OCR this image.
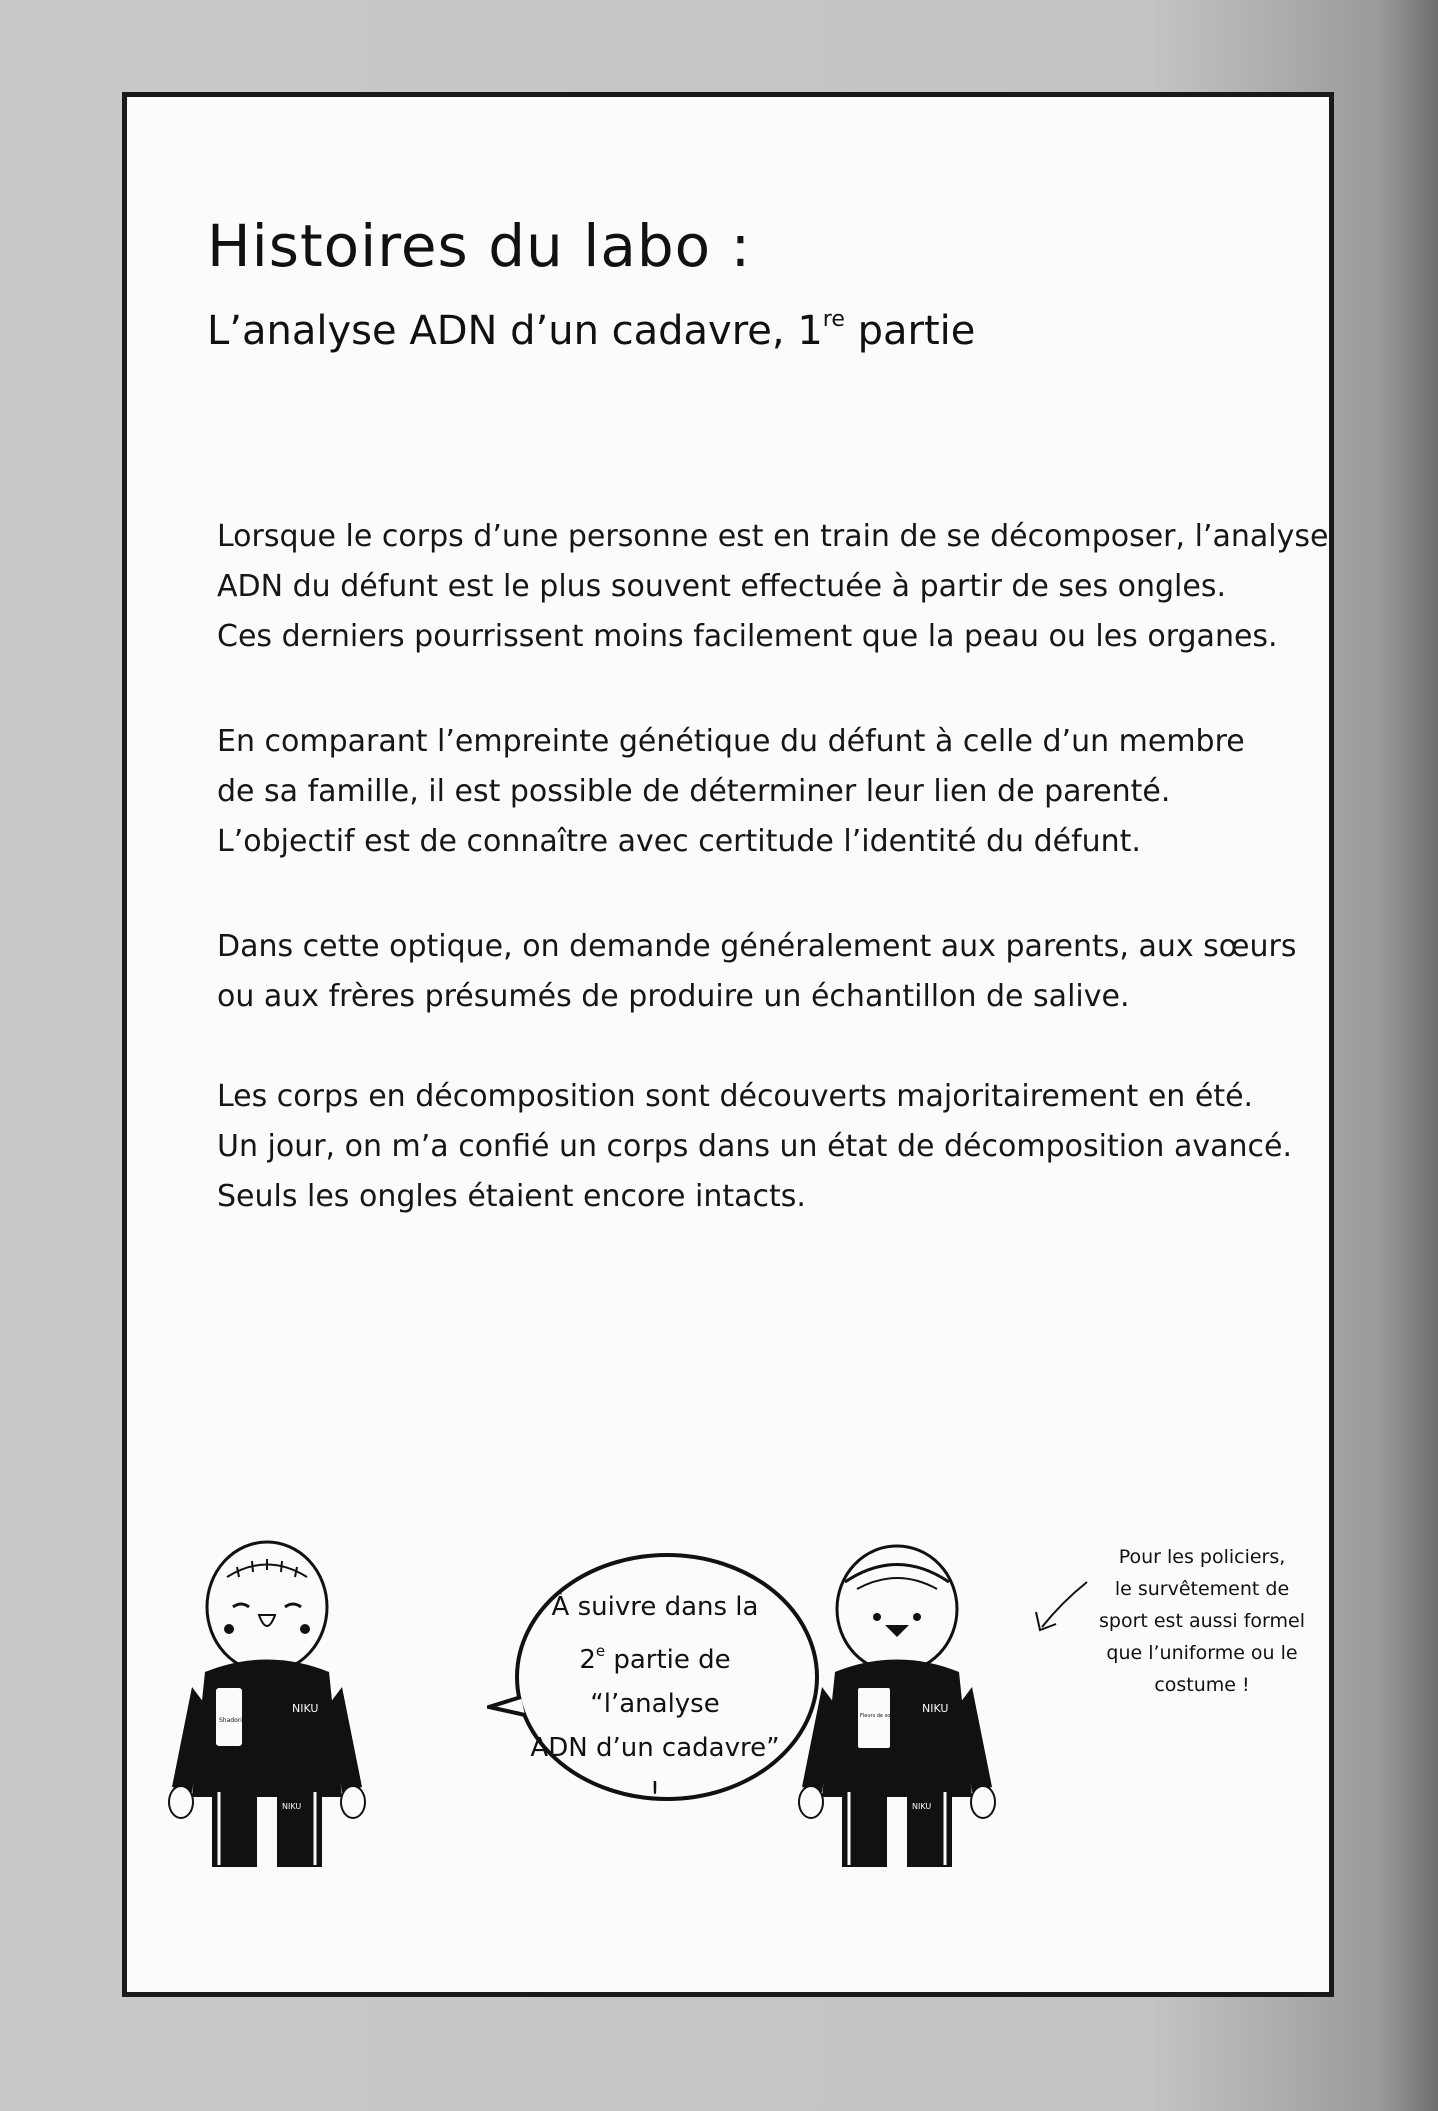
Histoires du labo :
L’analyse ADN d’un cadavre, 1re partie

Lorsque le corps d’une personne est en train de se décomposer, l’analyse
ADN du défunt est le plus souvent effectuée à partir de ses ongles.
Ces derniers pourrissent moins facilement que la peau ou les organes.

En comparant l’empreinte génétique du défunt à celle d’un membre
de sa famille, il est possible de déterminer leur lien de parenté.
L’objectif est de connaître avec certitude l’identité du défunt.

Dans cette optique, on demande généralement aux parents, aux sœurs
ou aux frères présumés de produire un échantillon de salive.

Les corps en décomposition sont découverts majoritairement en été.
Un jour, on m’a confié un corps dans un état de décomposition avancé.
Seuls les ongles étaient encore intacts.

NIKU
Shadorita
NIKU
À suivre dans la
2e partie de “l’analyse
ADN d’un cadavre” !
NIKU
Fleurs de soleil
NIKU
Pour les policiers,
le survêtement de
sport est aussi formel
que l’uniforme ou le
costume !
